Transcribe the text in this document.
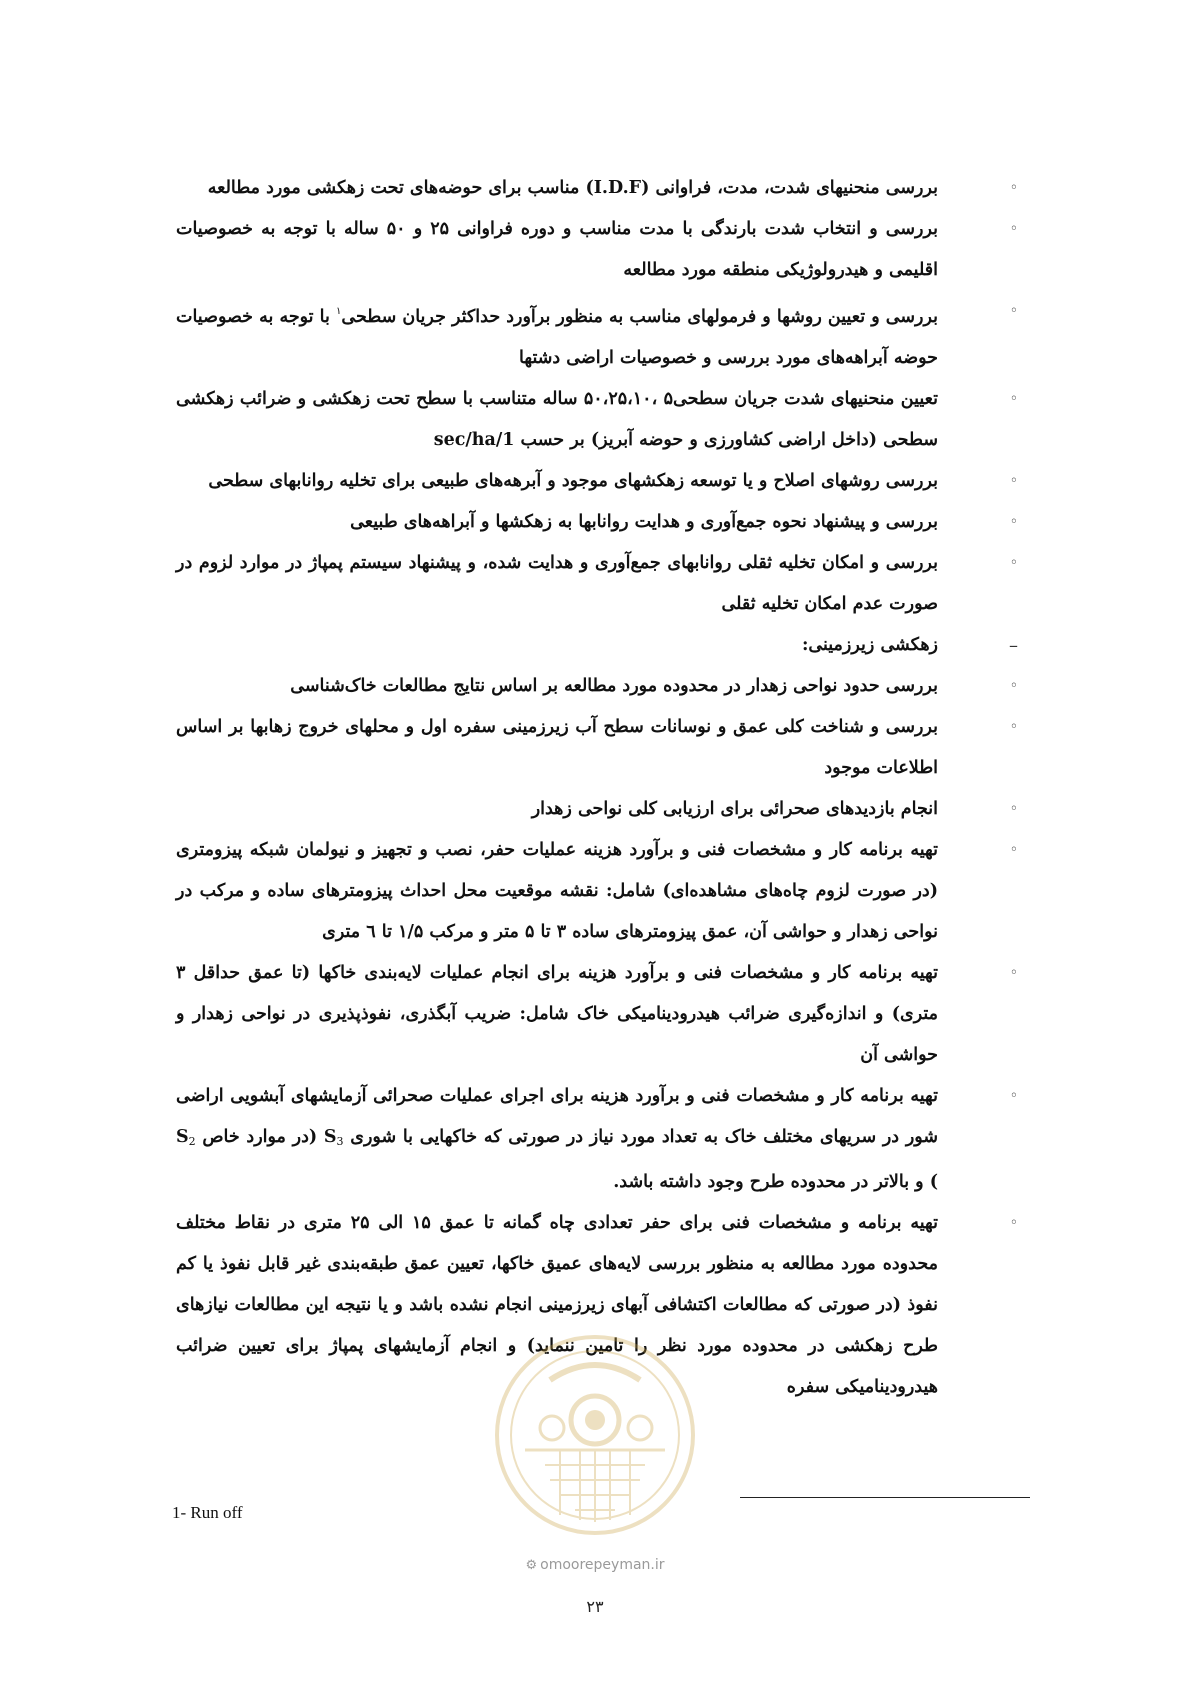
◦
بررسی منحنیهای شدت، مدت، فراوانی (I.D.F) مناسب برای حوضه‌های تحت زهکشی مورد مطالعه
◦
بررسی و انتخاب شدت بارندگی با مدت مناسب و دوره فراوانی ۲۵ و ۵۰ ساله با توجه به خصوصیات اقلیمی و هیدرولوژیکی منطقه مورد مطالعه
◦
بررسی و تعیین روشها و فرمولهای مناسب به منظور برآورد حداکثر جریان سطحی$^۱$ با توجه به خصوصیات حوضه آبراهه‌های مورد بررسی و خصوصیات اراضی دشتها
◦
تعیین منحنیهای شدت جریان سطحی۵ ،۵۰،۲۵،۱۰ ساله متناسب با سطح تحت زهکشی و ضرائب زهکشی سطحی (داخل اراضی کشاورزی و حوضه آبریز) بر حسب 1/sec/ha
◦
بررسی روشهای اصلاح و یا توسعه زهکشهای موجود و آبرهه‌های طبیعی برای تخلیه روانابهای سطحی
◦
بررسی و پیشنهاد نحوه جمع‌آوری و هدایت روانابها به زهکشها و آبراهه‌های طبیعی
◦
بررسی و امکان تخلیه ثقلی روانابهای جمع‌آوری و هدایت شده، و پیشنهاد سیستم پمپاژ در موارد لزوم در صورت عدم امکان تخلیه ثقلی
–
زهکشی زیرزمینی:
◦
بررسی حدود نواحی زهدار در محدوده مورد مطالعه بر اساس نتایج مطالعات خاک‌شناسی
◦
بررسی و شناخت کلی عمق و نوسانات سطح آب زیرزمینی سفره اول و محلهای خروج زهابها بر اساس اطلاعات موجود
◦
انجام بازدیدهای صحرائی برای ارزیابی کلی نواحی زهدار
◦
تهیه برنامه کار و مشخصات فنی و برآورد هزینه عملیات حفر، نصب و تجهیز و نیولمان شبکه پیزومتری (در صورت لزوم چاه‌های مشاهده‌ای) شامل: نقشه موقعیت محل احداث پیزومترهای ساده و مرکب در نواحی زهدار و حواشی آن، عمق پیزومترهای ساده ۳ تا ۵ متر و مرکب ۱/۵ تا ٦ متری
◦
تهیه برنامه کار و مشخصات فنی و برآورد هزینه برای انجام عملیات لایه‌بندی خاکها (تا عمق حداقل ۳ متری) و اندازه‌گیری ضرائب هیدرودینامیکی خاک شامل: ضریب آبگذری، نفوذپذیری در نواحی زهدار و حواشی آن
◦
تهیه برنامه کار و مشخصات فنی و برآورد هزینه برای اجرای عملیات صحرائی آزمایشهای آبشویی اراضی شور در سریهای مختلف خاک به تعداد مورد نیاز در صورتی که خاکهایی با شوری $S_3$ (در موارد خاص $S_2$ ) و بالاتر در محدوده طرح وجود داشته باشد.
◦
تهیه برنامه و مشخصات فنی برای حفر تعدادی چاه گمانه تا عمق ۱۵ الی ۲۵ متری در نقاط مختلف محدوده مورد مطالعه به منظور بررسی لایه‌های عمیق خاکها، تعیین عمق طبقه‌بندی غیر قابل نفوذ یا کم نفوذ (در صورتی که مطالعات اکتشافی آبهای زیرزمینی انجام نشده باشد و یا نتیجه این مطالعات نیازهای طرح زهکشی در محدوده مورد نظر را تامین ننماید) و انجام آزمایشهای پمپاژ برای تعیین ضرائب هیدرودینامیکی سفره
1- Run off
⚙ omoorepeyman.ir
۲۳
